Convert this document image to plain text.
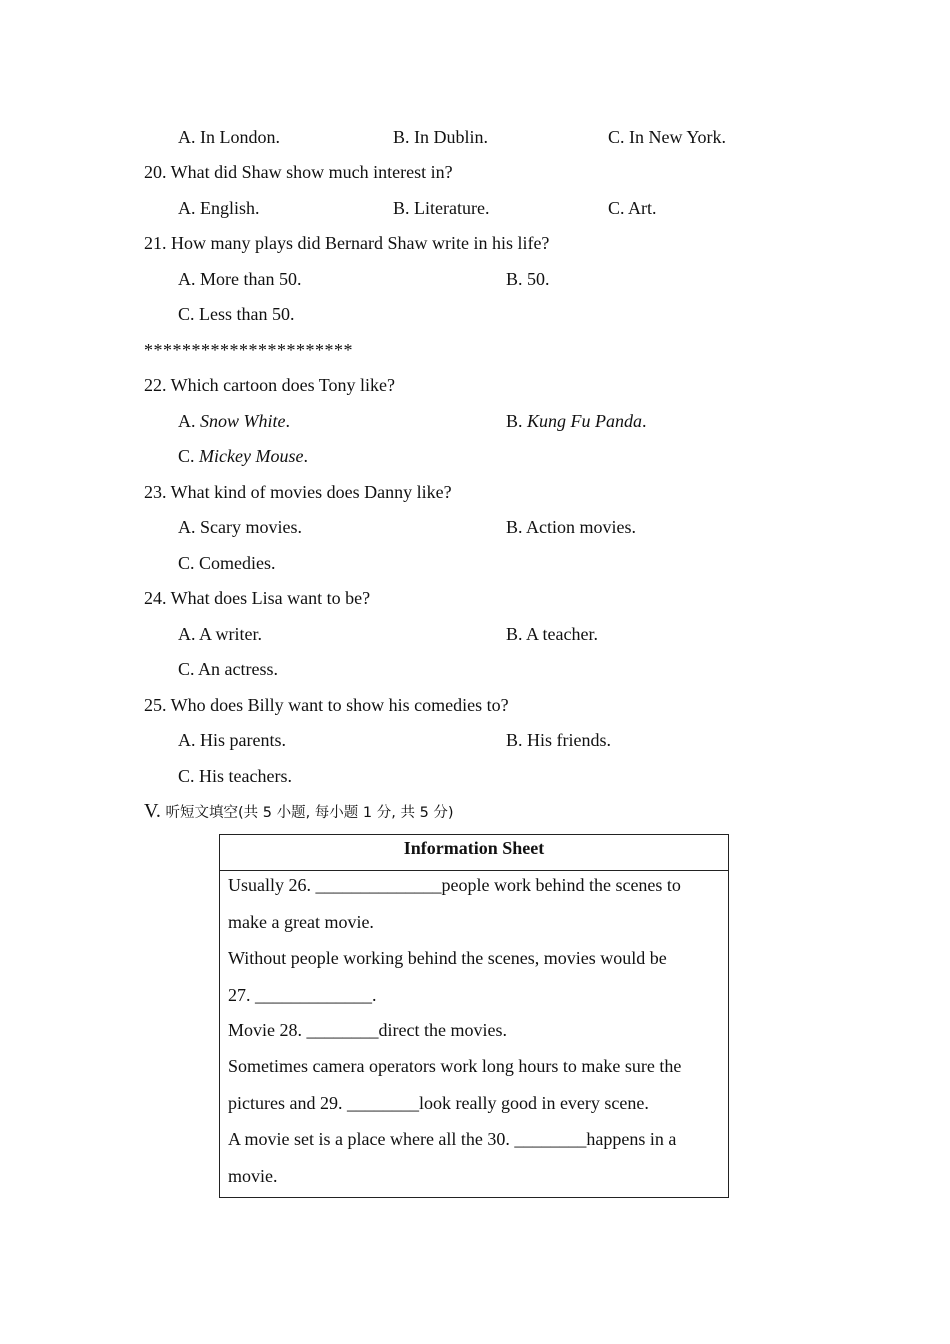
A. In London.	B. In Dublin.	C. In New York.
20. What did Shaw show much interest in?
A. English.	B. Literature.	C. Art.
21. How many plays did Bernard Shaw write in his life?
A. More than 50.	B. 50.
C. Less than 50.
**********************
22. Which cartoon does Tony like?
A. Snow White.	B. Kung Fu Panda.
C. Mickey Mouse.
23. What kind of movies does Danny like?
A. Scary movies.	B. Action movies.
C. Comedies.
24. What does Lisa want to be?
A. A writer.	B. A teacher.
C. An actress.
25. Who does Billy want to show his comedies to?
A. His parents.	B. His friends.
C. His teachers.
V. 听短文填空(共 5 小题, 每小题 1 分, 共 5 分)
Information Sheet
Usually 26. ______________people work behind the scenes to
make a great movie.
Without people working behind the scenes, movies would be
27. _____________.
Movie 28. ________direct the movies.
Sometimes camera operators work long hours to make sure the
pictures and 29. ________look really good in every scene.
A movie set is a place where all the 30. ________happens in a
movie.
